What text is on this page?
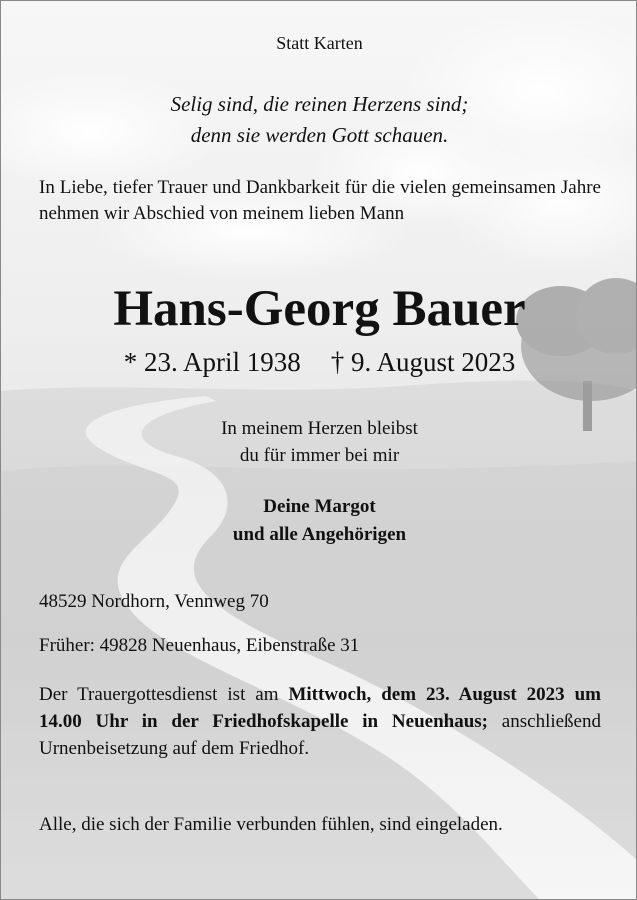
Statt Karten
Selig sind, die reinen Herzens sind;
denn sie werden Gott schauen.
In Liebe, tiefer Trauer und Dankbarkeit für die vielen gemeinsamen Jahre nehmen wir Abschied von meinem lieben Mann
Hans-Georg Bauer
* 23. April 1938 † 9. August 2023
In meinem Herzen bleibst
du für immer bei mir
Deine Margot
und alle Angehörigen
48529 Nordhorn, Vennweg 70
Früher: 49828 Neuenhaus, Eibenstraße 31
Der Trauergottesdienst ist am Mittwoch, dem 23. August 2023 um 14.00 Uhr in der Friedhofskapelle in Neuenhaus; anschließend Urnenbeisetzung auf dem Friedhof.
Alle, die sich der Familie verbunden fühlen, sind eingeladen.
